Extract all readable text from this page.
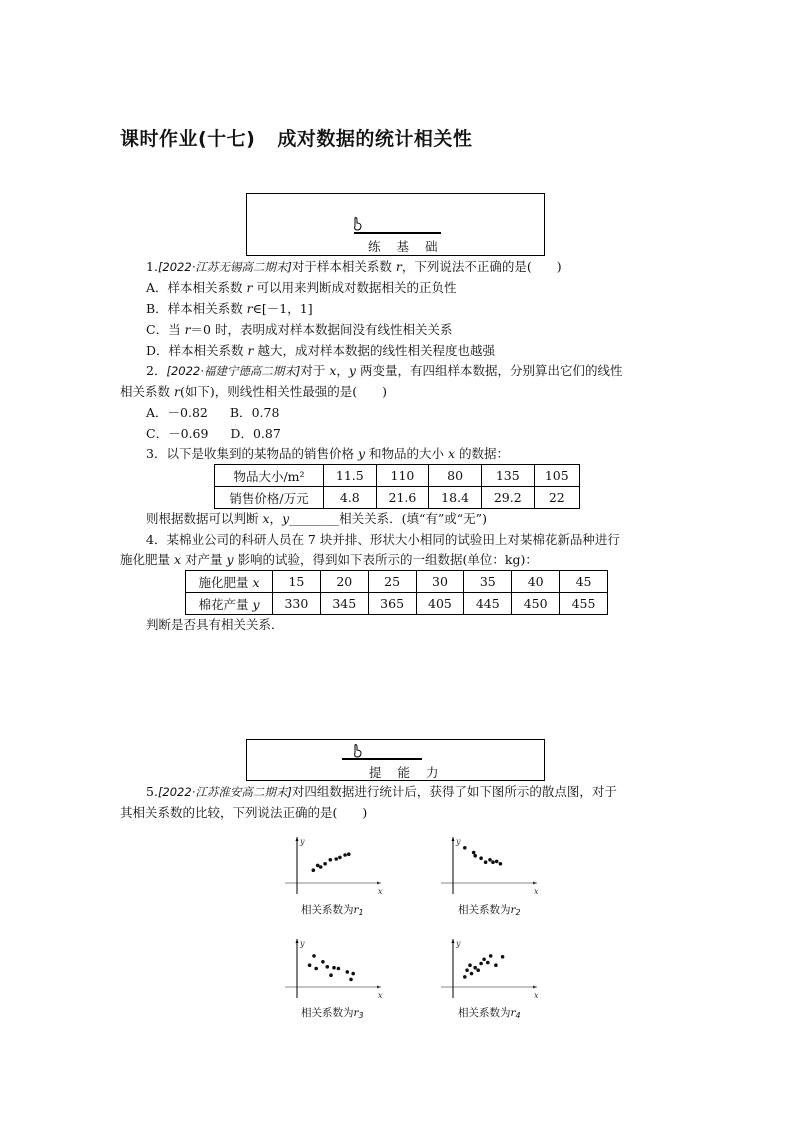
课时作业(十七) 成对数据的统计相关性
练 基 础
1.[2022·江苏无锡高二期末]对于样本相关系数 r，下列说法不正确的是(　　)
A．样本相关系数 r 可以用来判断成对数据相关的正负性
B．样本相关系数 r∈[－1，1]
C．当 r＝0 时，表明成对样本数据间没有线性相关关系
D．样本相关系数 r 越大，成对样本数据的线性相关程度也越强
2．[2022·福建宁德高二期末]对于 x，y 两变量，有四组样本数据，分别算出它们的线性
相关系数 r(如下)，则线性相关性最强的是(　　)
A．－0.82 B．0.78
C．－0.69 D．0.87
3．以下是收集到的某物品的销售价格 y 和物品的大小 x 的数据：
物品大小/m²	11.5	110	80	135	105
销售价格/万元	4.8	21.6	18.4	29.2	22
则根据数据可以判断 x，y________相关关系．(填“有”或“无”)
4．某棉业公司的科研人员在 7 块并排、形状大小相同的试验田上对某棉花新品种进行
施化肥量 x 对产量 y 影响的试验，得到如下表所示的一组数据(单位：kg)：
施化肥量 x	15	20	25	30	35	40	45
棉花产量 y	330	345	365	405	445	450	455
判断是否具有相关关系．
提 能 力
5.[2022·江苏淮安高二期末]对四组数据进行统计后，获得了如下图所示的散点图，对于
其相关系数的比较，下列说法正确的是(　　)
x
y
相关系数为$r_1$
x
y
相关系数为$r_2$
x
y
相关系数为$r_3$
x
y
相关系数为$r_4$
